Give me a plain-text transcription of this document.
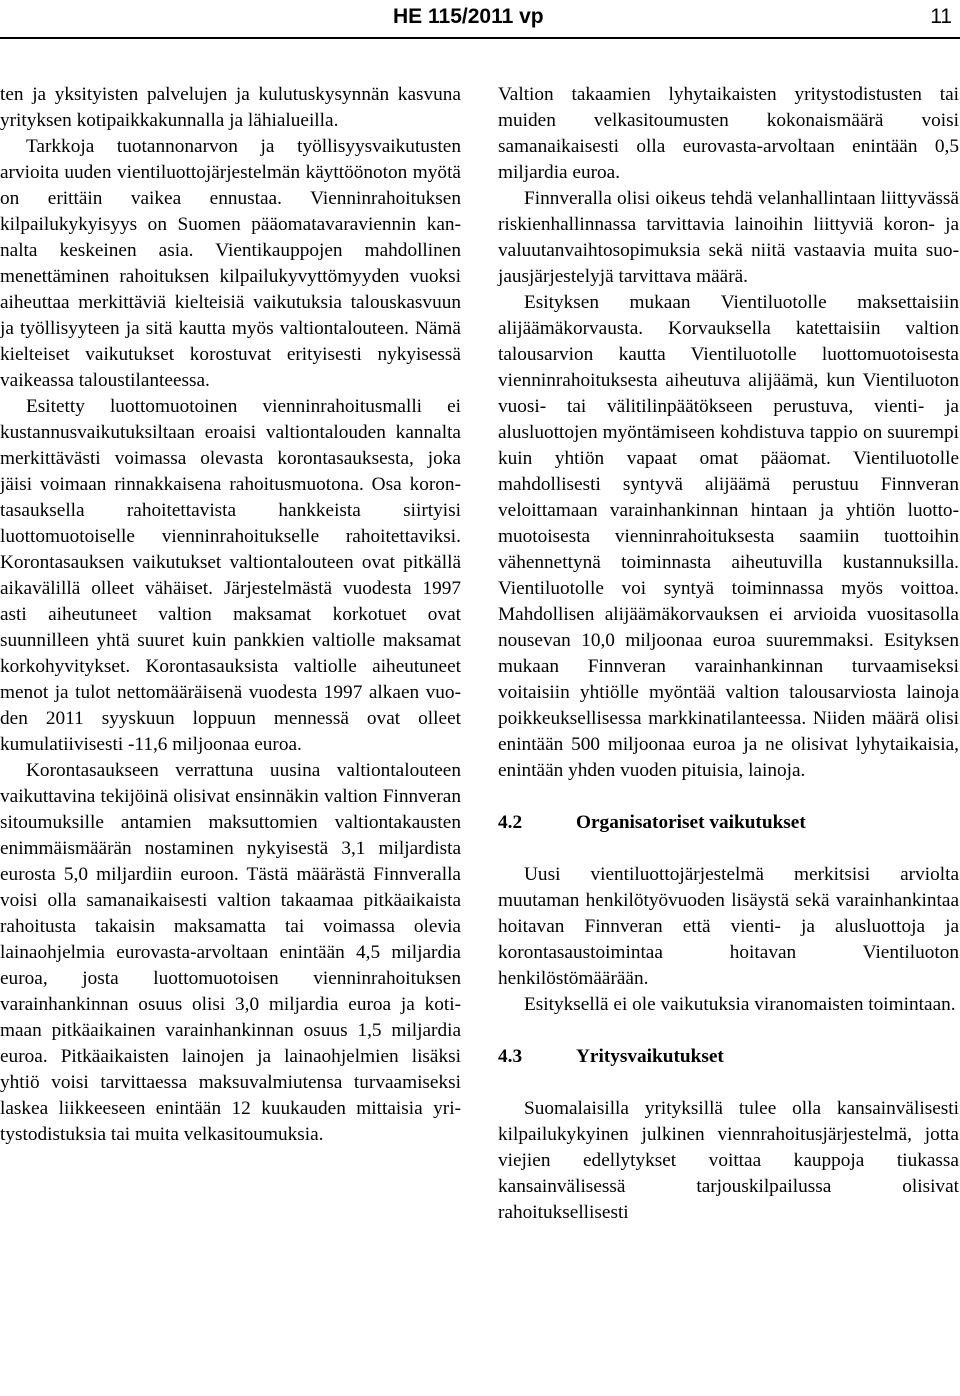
HE 115/2011 vp	11

ten ja yksityisten palvelujen ja kulutuskysynnän kasvuna yrityksen kotipaikkakunnalla ja lähialueilla.

Tarkkoja tuotannonarvon ja työllisyysvaikutusten arvioita uuden vientiluottojärjestelmän käyttöönoton myötä on erittäin vaikea ennustaa. Vienninrahoituksen kilpailukykyisyys on Suomen pääomatavaraviennin kannalta keskeinen asia. Vientikauppojen mahdollinen menettäminen rahoituksen kilpailukyvyttömyyden vuoksi aiheuttaa merkittäviä kielteisiä vaikutuksia talouskasvuun ja työllisyyteen ja sitä kautta myös valtiontalouteen. Nämä kielteiset vaikutukset korostuvat erityisesti nykyisessä vaikeassa taloustilanteessa.

Esitetty luottomuotoinen vienninrahoitusmalli ei kustannusvaikutuksiltaan eroaisi valtiontalouden kannalta merkittävästi voimassa olevasta korontasauksesta, joka jäisi voimaan rinnakkaisena rahoitusmuotona. Osa korontasauksella rahoitettavista hankkeista siirtyisi luottomuotoiselle vienninrahoitukselle rahoitettaviksi. Korontasauksen vaikutukset valtiontalouteen ovat pitkällä aikavälillä olleet vähäiset. Järjestelmästä vuodesta 1997 asti aiheutuneet valtion maksamat korkotuet ovat suunnilleen yhtä suuret kuin pankkien valtiolle maksamat korkohyvitykset. Korontasauksista valtiolle aiheutuneet menot ja tulot nettomääräisenä vuodesta 1997 alkaen vuoden 2011 syyskuun loppuun mennessä ovat olleet kumulatiivisesti -11,6 miljoonaa euroa.

Korontasaukseen verrattuna uusina valtiontalouteen vaikuttavina tekijöinä olisivat ensinnäkin valtion Finnveran sitoumuksille antamien maksuttomien valtiontakausten enimmäismäärän nostaminen nykyisestä 3,1 miljardista eurosta 5,0 miljardiin euroon. Tästä määrästä Finnveralla voisi olla samanaikaisesti valtion takaamaa pitkäaikaista rahoitusta takaisin maksamatta tai voimassa olevia lainaohjelmia eurovasta-arvoltaan enintään 4,5 miljardia euroa, josta luottomuotoisen vienninrahoituksen varainhankinnan osuus olisi 3,0 miljardia euroa ja kotimaan pitkäaikainen varainhankinnan osuus 1,5 miljardia euroa. Pitkäaikaisten lainojen ja lainaohjelmien lisäksi yhtiö voisi tarvittaessa maksuvalmiutensa turvaamiseksi laskea liikkeeseen enintään 12 kuukauden mittaisia yritystodistuksia tai muita velkasitoumuksia.

Valtion takaamien lyhytaikaisten yritystodistusten tai muiden velkasitoumusten kokonaismäärä voisi samanaikaisesti olla eurovasta-arvoltaan enintään 0,5 miljardia euroa.

Finnveralla olisi oikeus tehdä velanhallintaan liittyvässä riskienhallinnassa tarvittavia lainoihin liittyviä koron- ja valuutanvaihtosopimuksia sekä niitä vastaavia muita suojausjärjestelyjä tarvittava määrä.

Esityksen mukaan Vientiluotolle maksettaisiin alijäämäkorvausta. Korvauksella katettaisiin valtion talousarvion kautta Vientiluotolle luottomuotoisesta vienninrahoituksesta aiheutuva alijäämä, kun Vientiluoton vuosi- tai välitilinpäätökseen perustuva, vienti- ja alusluottojen myöntämiseen kohdistuva tappio on suurempi kuin yhtiön vapaat omat pääomat. Vientiluotolle mahdollisesti syntyvä alijäämä perustuu Finnveran veloittamaan varainhankinnan hintaan ja yhtiön luottomuotoisesta vienninrahoituksesta saamiin tuottoihin vähennettynä toiminnasta aiheutuvilla kustannuksilla. Vientiluotolle voi syntyä toiminnassa myös voittoa. Mahdollisen alijäämäkorvauksen ei arvioida vuositasolla nousevan 10,0 miljoonaa euroa suuremmaksi. Esityksen mukaan Finnveran varainhankinnan turvaamiseksi voitaisiin yhtiölle myöntää valtion talousarviosta lainoja poikkeuksellisessa markkinatilanteessa. Niiden määrä olisi enintään 500 miljoonaa euroa ja ne olisivat lyhytaikaisia, enintään yhden vuoden pituisia, lainoja.

4.2	Organisatoriset vaikutukset

Uusi vientiluottojärjestelmä merkitsisi arviolta muutaman henkilötyövuoden lisäystä sekä varainhankintaa hoitavan Finnveran että vienti- ja alusluottoja ja korontasaustoimintaa hoitavan Vientiluoton henkilöstömäärään.

Esityksellä ei ole vaikutuksia viranomaisten toimintaan.

4.3	Yritysvaikutukset

Suomalaisilla yrityksillä tulee olla kansainvälisesti kilpailukykyinen julkinen viennrahoitusjärjestelmä, jotta viejien edellytykset voittaa kauppoja tiukassa kansainvälisessä tarjouskilpailussa olisivat rahoituksellisesti
